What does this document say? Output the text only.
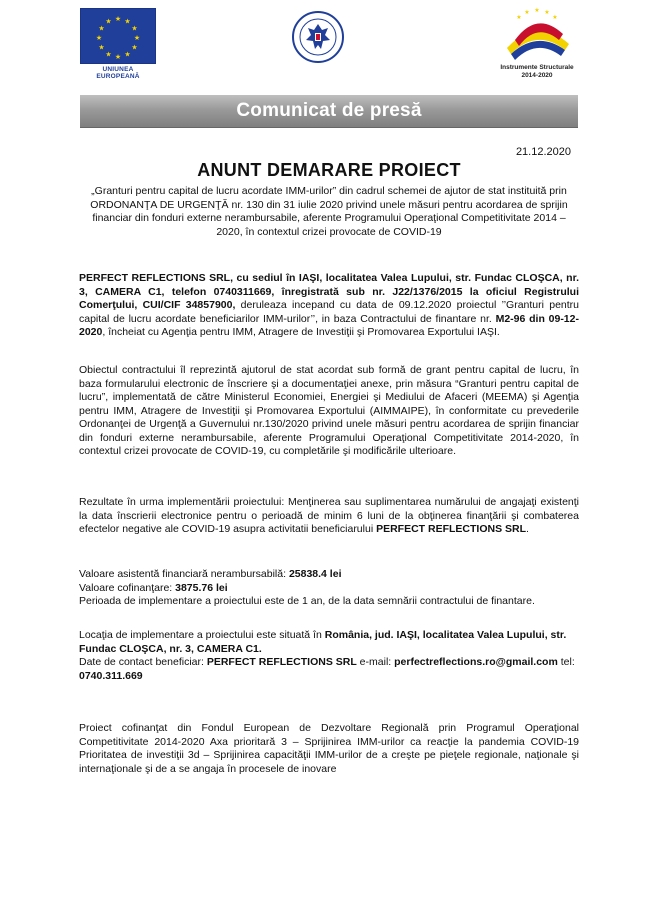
★ ★
★
★
★
★
★
★
★
★
★
★
UNIUNEA EUROPEANĂ
★ ★
★
★
★
Instrumente Structurale
2014-2020
Comunicat de presă
21.12.2020
ANUNT DEMARARE PROIECT
„Granturi pentru capital de lucru acordate IMM-urilor” din cadrul schemei de ajutor de stat instituită prin ORDONANŢA DE URGENŢĂ nr. 130 din 31 iulie 2020 privind unele măsuri pentru acordarea de sprijin financiar din fonduri externe nerambursabile, aferente Programului Operaţional Competitivitate 2014 – 2020, în contextul crizei provocate de COVID-19
PERFECT REFLECTIONS SRL, cu sediul în IAŞI, localitatea Valea Lupului, str. Fundac CLOŞCA, nr. 3, CAMERA C1, telefon 0740311669, înregistrată sub nr. J22/1376/2015 la oficiul Registrului Comerţului, CUI/CIF 34857900, deruleaza incepand cu data de 09.12.2020 proiectul ’’Granturi pentru capital de lucru acordate beneficiarilor IMM-urilor’’, in baza Contractului de finantare nr. M2-96 din 09-12-2020, încheiat cu Agenţia pentru IMM, Atragere de Investiţii şi Promovarea Exportului IAŞI.
Obiectul contractului îl reprezintă ajutorul de stat acordat sub formă de grant pentru capital de lucru, în baza formularului electronic de înscriere şi a documentaţiei anexe, prin măsura “Granturi pentru capital de lucru”, implementată de către Ministerul Economiei, Energiei şi Mediului de Afaceri (MEEMA) şi Agenţia pentru IMM, Atragere de Investiţii şi Promovarea Exportului (AIMMAIPE), în conformitate cu prevederile Ordonanţei de Urgenţă a Guvernului nr.130/2020 privind unele măsuri pentru acordarea de sprijin financiar din fonduri externe nerambursabile, aferente Programului Operaţional Competitivitate 2014-2020, în contextul crizei provocate de COVID-19, cu completările şi modificările ulterioare.
Rezultate în urma implementării proiectului: Menţinerea sau suplimentarea numărului de angajaţi existenţi la data înscrierii electronice pentru o perioadă de minim 6 luni de la obţinerea finanţării şi combaterea efectelor negative ale COVID-19 asupra activitatii beneficiarului PERFECT REFLECTIONS SRL.
Valoare asistentă financiară nerambursabilă: 25838.4 lei
Valoare cofinanţare: 3875.76 lei
Perioada de implementare a proiectului este de 1 an, de la data semnării contractului de finantare.
Locaţia de implementare a proiectului este situată în România, jud. IAŞI, localitatea Valea Lupului, str. Fundac CLOŞCA, nr. 3, CAMERA C1.
Date de contact beneficiar: PERFECT REFLECTIONS SRL e-mail: perfectreflections.ro@gmail.com tel: 0740.311.669
Proiect cofinanţat din Fondul European de Dezvoltare Regională prin Programul Operaţional Competitivitate 2014-2020 Axa prioritară 3 – Sprijinirea IMM-urilor ca reacţie la pandemia COVID-19 Prioritatea de investiţii 3d – Sprijinirea capacităţii IMM-urilor de a creşte pe pieţele regionale, naţionale şi internaţionale şi de a se angaja în procesele de inovare
